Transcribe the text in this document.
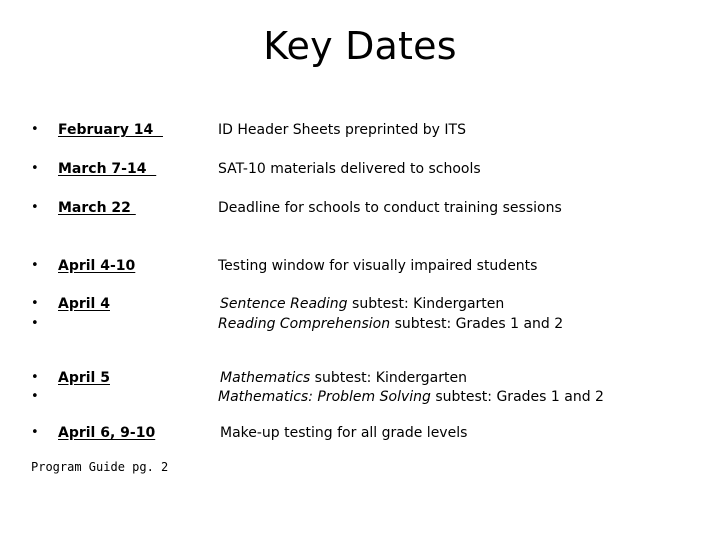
Key Dates
• February 14	ID Header Sheets preprinted by ITS
• March 7-14	SAT-10 materials delivered to schools
• March 22	Deadline for schools to conduct training sessions
• April 4-10	Testing window for visually impaired students
•
•
April 4	Sentence Reading subtest: Kindergarten
Reading Comprehension subtest: Grades 1 and 2
•
•
April 5	Mathematics subtest: Kindergarten
Mathematics: Problem Solving subtest: Grades 1 and 2
• April 6, 9-10	Make-up testing for all grade levels
Program Guide pg. 2
